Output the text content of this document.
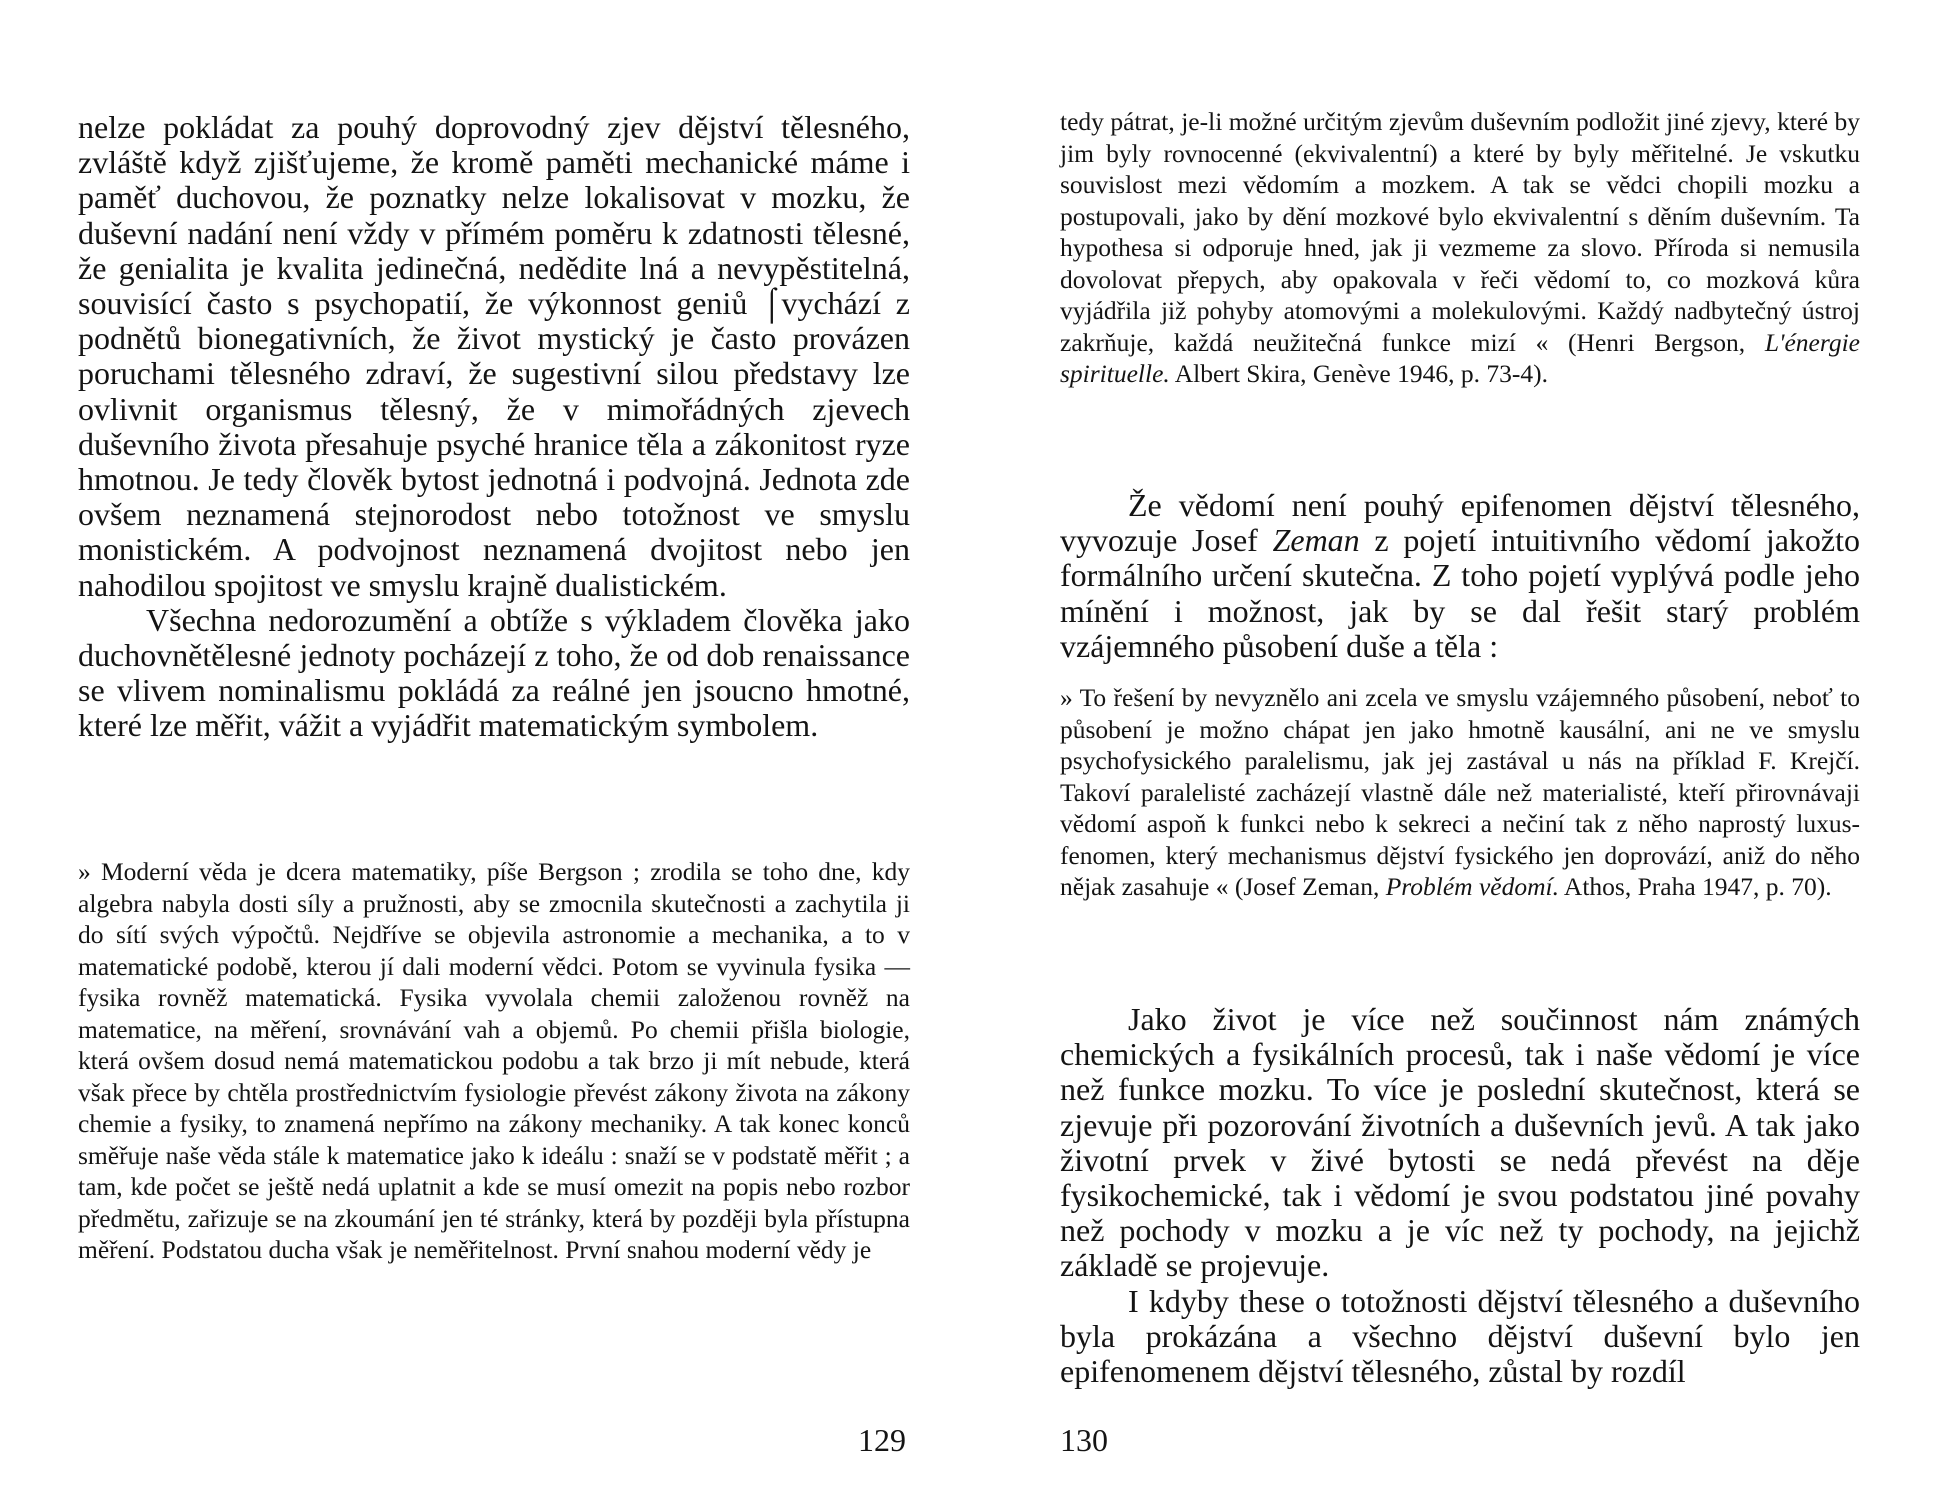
nelze pokládat za pouhý doprovodný zjev dějství tělesného, zvláště když zjišťujeme, že kromě paměti mechanické máme i paměť duchovou, že poznatky nelze lokalisovat v mozku, že duševní nadání není vždy v přímém poměru k zdatnosti tělesné, že genialita je kvalita jedinečná, nedědite lná a nevypěstitelná, souvisící často s psychopatií, že výkonnost geniů ⌠vychází z podnětů bionegativních, že život mystický je často provázen poruchami tělesného zdraví, že sugestivní silou představy lze ovlivnit organismus tělesný, že v mimořádných zjevech duševního života přesahuje psyché hranice těla a zákonitost ryze hmotnou. Je tedy člověk bytost jednotná i podvojná. Jednota zde ovšem neznamená stejnorodost nebo totožnost ve smyslu monistickém. A podvojnost neznamená dvojitost nebo jen nahodilou spojitost ve smyslu krajně dualistickém.

Všechna nedorozumění a obtíže s výkladem člověka jako duchovnětělesné jednoty pocházejí z toho, že od dob renaissance se vlivem nominalismu pokládá za reálné jen jsoucno hmotné, které lze měřit, vážit a vyjádřit matematickým symbolem.

» Moderní věda je dcera matematiky, píše Bergson ; zrodila se toho dne, kdy algebra nabyla dosti síly a pružnosti, aby se zmocnila skutečnosti a zachytila ji do sítí svých výpočtů. Nejdříve se objevila astronomie a mechanika, a to v matematické podobě, kterou jí dali moderní vědci. Potom se vyvinula fysika — fysika rovněž matematická. Fysika vyvolala chemii založenou rovněž na matematice, na měření, srovnávání vah a objemů. Po chemii přišla biologie, která ovšem dosud nemá matematickou podobu a tak brzo ji mít nebude, která však přece by chtěla prostřednictvím fysiologie převést zákony života na zákony chemie a fysiky, to znamená nepřímo na zákony mechaniky. A tak konec konců směřuje naše věda stále k matematice jako k ideálu : snaží se v podstatě měřit ; a tam, kde počet se ještě nedá uplatnit a kde se musí omezit na popis nebo rozbor předmětu, zařizuje se na zkoumání jen té stránky, která by později byla přístupna měření. Podstatou ducha však je neměřitelnost. První snahou moderní vědy je

129

tedy pátrat, je-li možné určitým zjevům duševním podložit jiné zjevy, které by jim byly rovnocenné (ekvivalentní) a které by byly měřitelné. Je vskutku souvislost mezi vědomím a mozkem. A tak se vědci chopili mozku a postupovali, jako by dění mozkové bylo ekvivalentní s děním duševním. Ta hypothesa si odporuje hned, jak ji vezmeme za slovo. Příroda si nemusila dovolovat přepych, aby opakovala v řeči vědomí to, co mozková kůra vyjádřila již pohyby atomovými a molekulovými. Každý nadbytečný ústroj zakrňuje, každá neužitečná funkce mizí « (Henri Bergson, L'énergie spirituelle. Albert Skira, Genève 1946, p. 73-4).

Že vědomí není pouhý epifenomen dějství tělesného, vyvozuje Josef Zeman z pojetí intuitivního vědomí jakožto formálního určení skutečna. Z toho pojetí vyplývá podle jeho mínění i možnost, jak by se dal řešit starý problém vzájemného působení duše a těla :

» To řešení by nevyznělo ani zcela ve smyslu vzájemného působení, neboť to působení je možno chápat jen jako hmotně kausální, ani ne ve smyslu psychofysického paralelismu, jak jej zastával u nás na příklad F. Krejčí. Takoví paralelisté zacházejí vlastně dále než materialisté, kteří přirovnávaji vědomí aspoň k funkci nebo k sekreci a nečiní tak z něho naprostý luxus-fenomen, který mechanismus dějství fysického jen doprovází, aniž do něho nějak zasahuje « (Josef Zeman, Problém vědomí. Athos, Praha 1947, p. 70).

Jako život je více než součinnost nám známých chemických a fysikálních procesů, tak i naše vědomí je více než funkce mozku. To více je poslední skutečnost, která se zjevuje při pozorování životních a duševních jevů. A tak jako životní prvek v živé bytosti se nedá převést na děje fysikochemické, tak i vědomí je svou podstatou jiné povahy než pochody v mozku a je víc než ty pochody, na jejichž základě se projevuje.

I kdyby these o totožnosti dějství tělesného a duševního byla prokázána a všechno dějství duševní bylo jen epifenomenem dějství tělesného, zůstal by rozdíl

130
